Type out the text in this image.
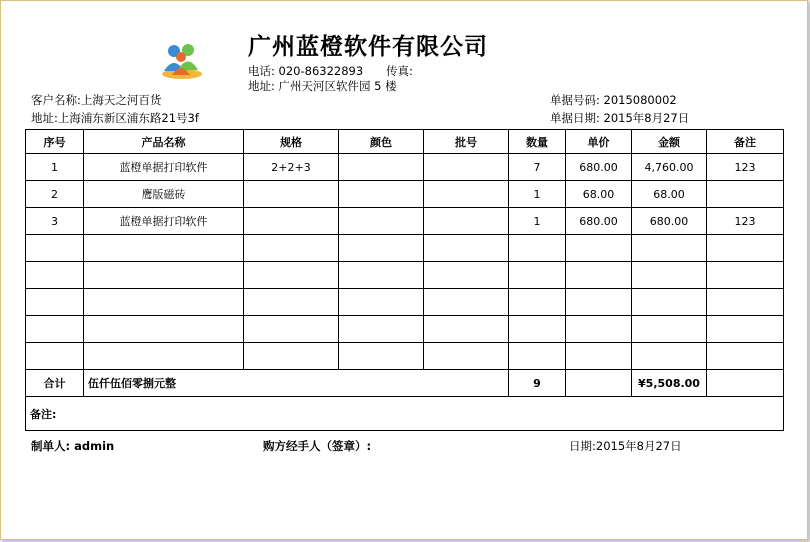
广州蓝橙软件有限公司
电话: 020-86322893 传真:
地址: 广州天河区软件园 5 楼
客户名称:上海天之河百货
地址:上海浦东新区浦东路21号3f
单据号码: 2015080002
单据日期: 2015年8月27日
序号	产品名称	规格	颜色	批号	数量	单价	金额	备注
1	蓝橙单据打印软件	2+2+3			7	680.00	4,760.00	123
2	鹰版磁砖				1	68.00	68.00	
3	蓝橙单据打印软件				1	680.00	680.00	123

合计	伍仟伍佰零捌元整				9		¥5,508.00	
备注:								
制单人: admin	购方经手人（签章）:	日期:2015年8月27日
